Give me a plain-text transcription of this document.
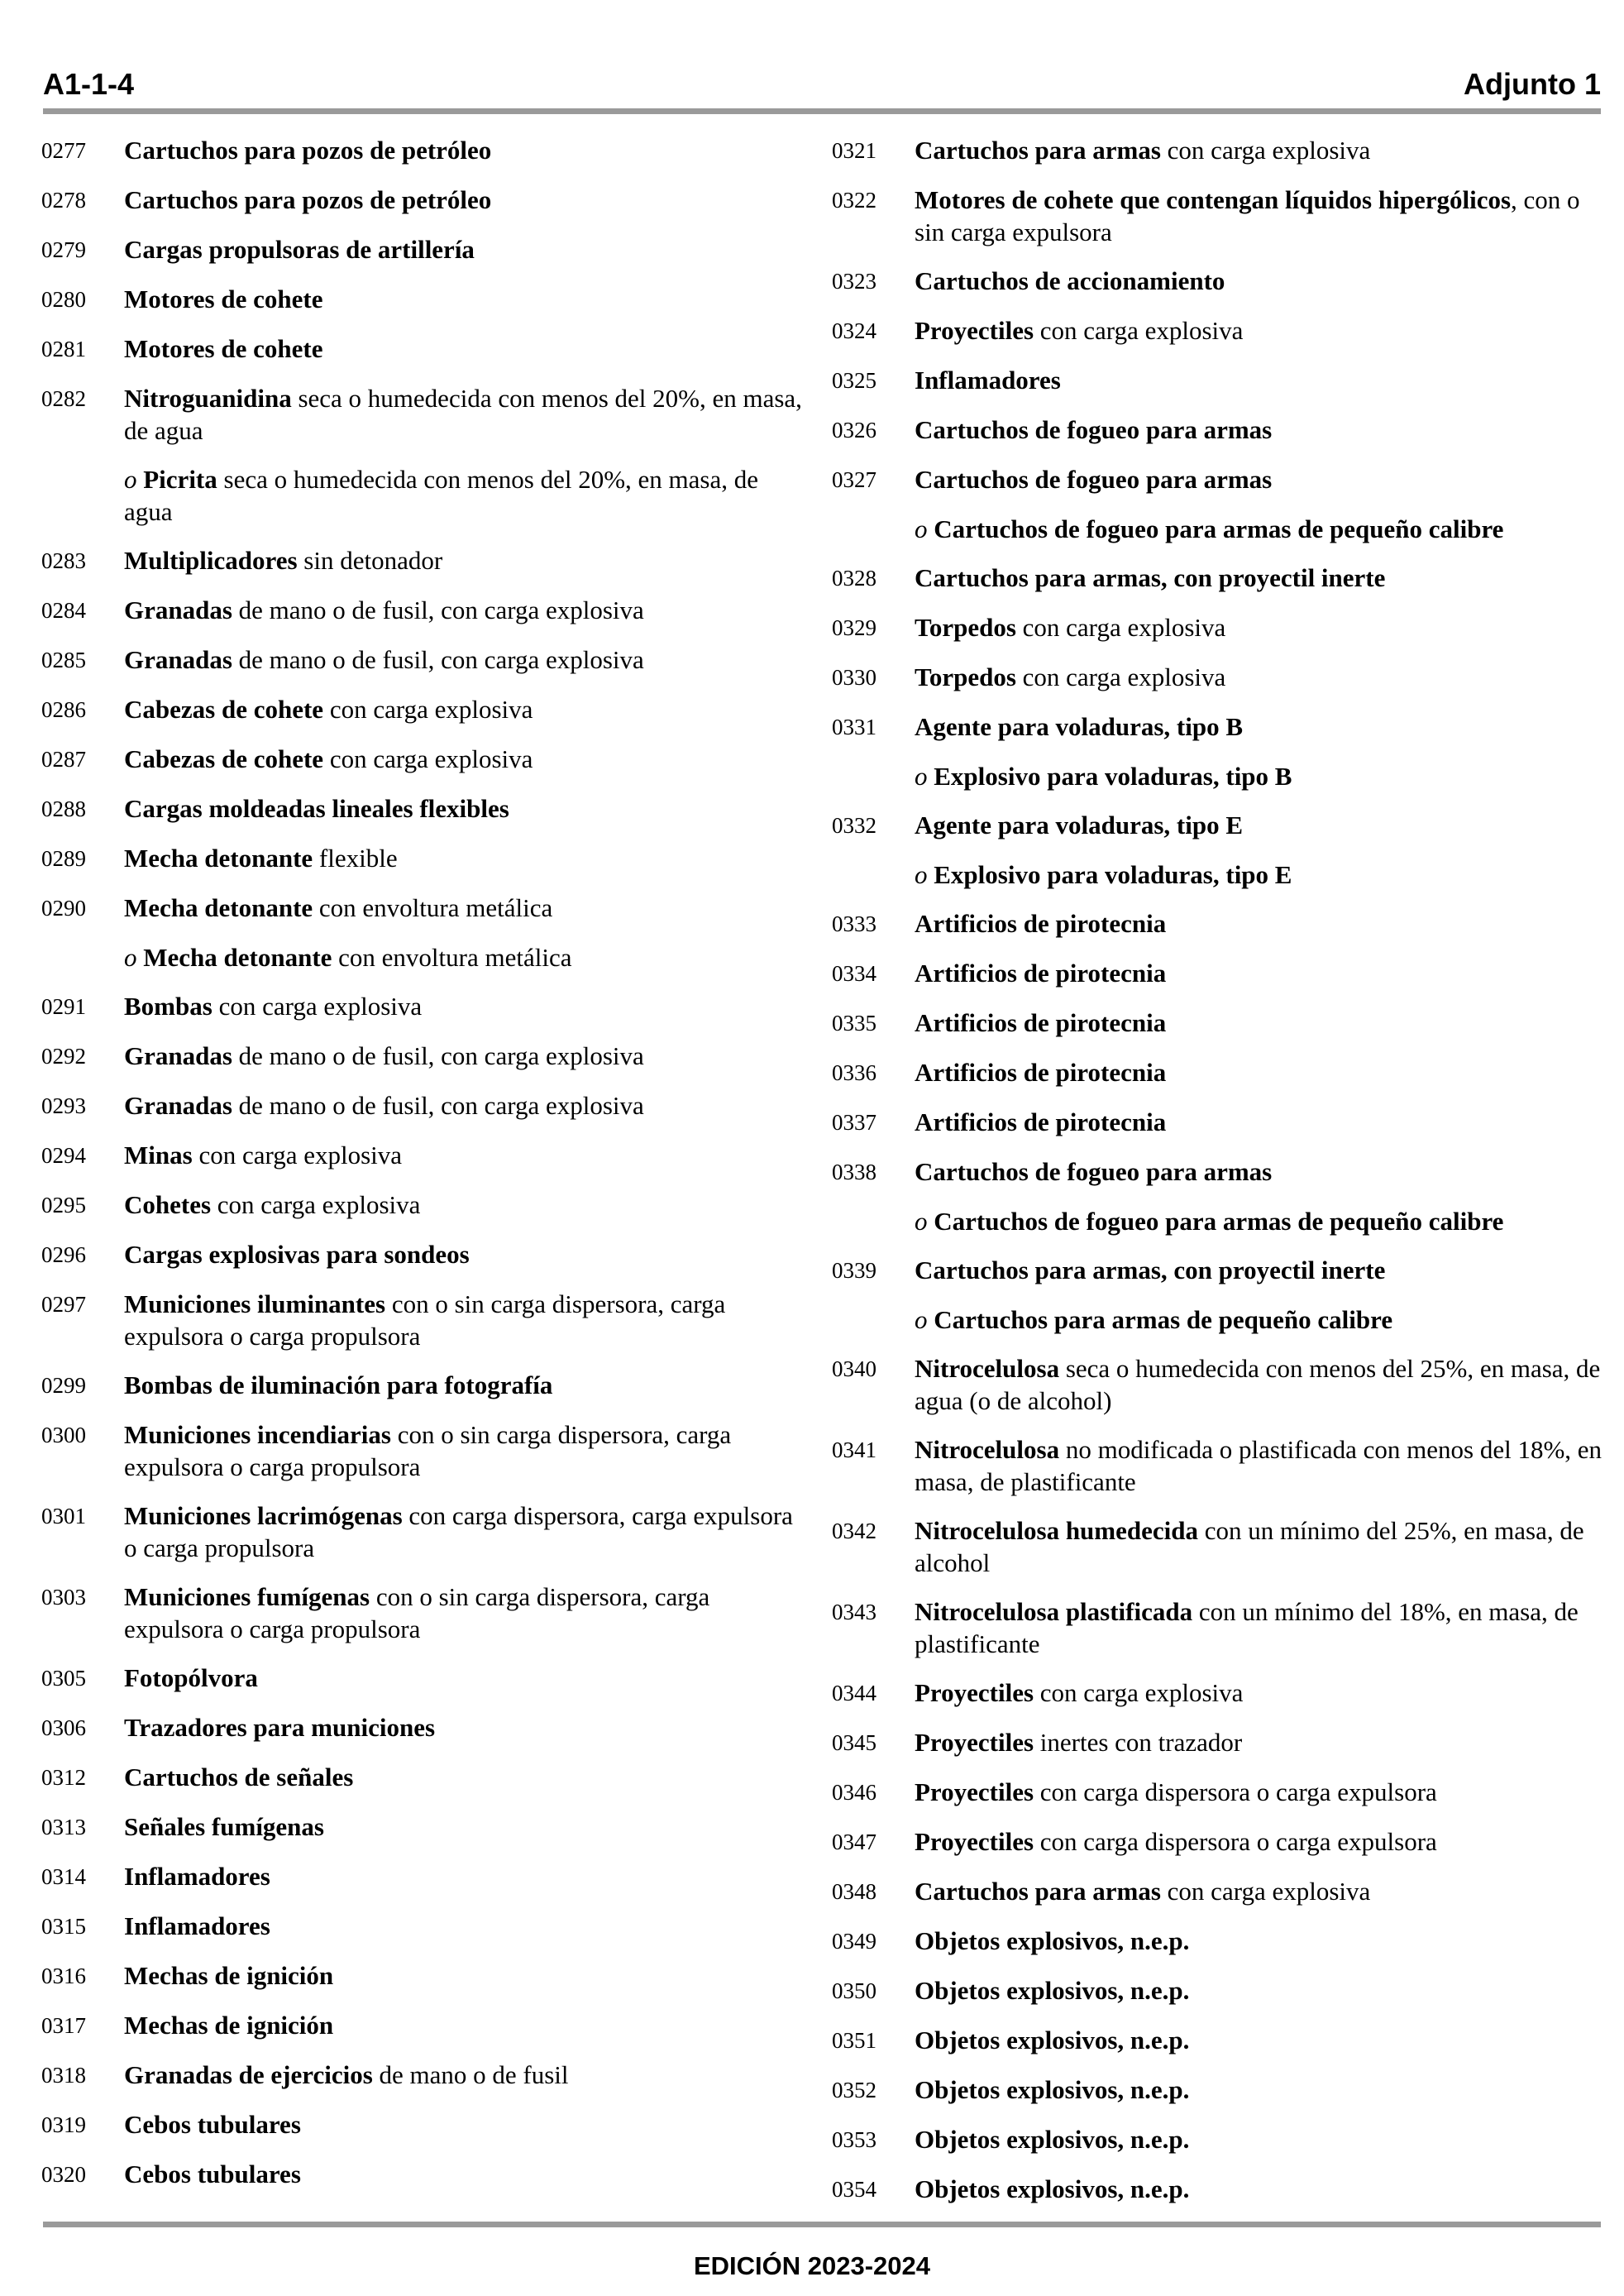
A1-1-4	Adjunto 1
0277	Cartuchos para pozos de petróleo
0278	Cartuchos para pozos de petróleo
0279	Cargas propulsoras de artillería
0280	Motores de cohete
0281	Motores de cohete
0282	Nitroguanidina seca o humedecida con menos del 20%, en masa, de agua
o Picrita seca o humedecida con menos del 20%, en masa, de agua
0283	Multiplicadores sin detonador
0284	Granadas de mano o de fusil, con carga explosiva
0285	Granadas de mano o de fusil, con carga explosiva
0286	Cabezas de cohete con carga explosiva
0287	Cabezas de cohete con carga explosiva
0288	Cargas moldeadas lineales flexibles
0289	Mecha detonante flexible
0290	Mecha detonante con envoltura metálica
o Mecha detonante con envoltura metálica
0291	Bombas con carga explosiva
0292	Granadas de mano o de fusil, con carga explosiva
0293	Granadas de mano o de fusil, con carga explosiva
0294	Minas con carga explosiva
0295	Cohetes con carga explosiva
0296	Cargas explosivas para sondeos
0297	Municiones iluminantes con o sin carga dispersora, carga expulsora o carga propulsora
0299	Bombas de iluminación para fotografía
0300	Municiones incendiarias con o sin carga dispersora, carga expulsora o carga propulsora
0301	Municiones lacrimógenas con carga dispersora, carga expulsora o carga propulsora
0303	Municiones fumígenas con o sin carga dispersora, carga expulsora o carga propulsora
0305	Fotopólvora
0306	Trazadores para municiones
0312	Cartuchos de señales
0313	Señales fumígenas
0314	Inflamadores
0315	Inflamadores
0316	Mechas de ignición
0317	Mechas de ignición
0318	Granadas de ejercicios de mano o de fusil
0319	Cebos tubulares
0320	Cebos tubulares
0321	Cartuchos para armas con carga explosiva
0322	Motores de cohete que contengan líquidos hipergólicos, con o sin carga expulsora
0323	Cartuchos de accionamiento
0324	Proyectiles con carga explosiva
0325	Inflamadores
0326	Cartuchos de fogueo para armas
0327	Cartuchos de fogueo para armas
o Cartuchos de fogueo para armas de pequeño calibre
0328	Cartuchos para armas, con proyectil inerte
0329	Torpedos con carga explosiva
0330	Torpedos con carga explosiva
0331	Agente para voladuras, tipo B
o Explosivo para voladuras, tipo B
0332	Agente para voladuras, tipo E
o Explosivo para voladuras, tipo E
0333	Artificios de pirotecnia
0334	Artificios de pirotecnia
0335	Artificios de pirotecnia
0336	Artificios de pirotecnia
0337	Artificios de pirotecnia
0338	Cartuchos de fogueo para armas
o Cartuchos de fogueo para armas de pequeño calibre
0339	Cartuchos para armas, con proyectil inerte
o Cartuchos para armas de pequeño calibre
0340	Nitrocelulosa seca o humedecida con menos del 25%, en masa, de agua (o de alcohol)
0341	Nitrocelulosa no modificada o plastificada con menos del 18%, en masa, de plastificante
0342	Nitrocelulosa humedecida con un mínimo del 25%, en masa, de alcohol
0343	Nitrocelulosa plastificada con un mínimo del 18%, en masa, de plastificante
0344	Proyectiles con carga explosiva
0345	Proyectiles inertes con trazador
0346	Proyectiles con carga dispersora o carga expulsora
0347	Proyectiles con carga dispersora o carga expulsora
0348	Cartuchos para armas con carga explosiva
0349	Objetos explosivos, n.e.p.
0350	Objetos explosivos, n.e.p.
0351	Objetos explosivos, n.e.p.
0352	Objetos explosivos, n.e.p.
0353	Objetos explosivos, n.e.p.
0354	Objetos explosivos, n.e.p.
EDICIÓN 2023-2024
